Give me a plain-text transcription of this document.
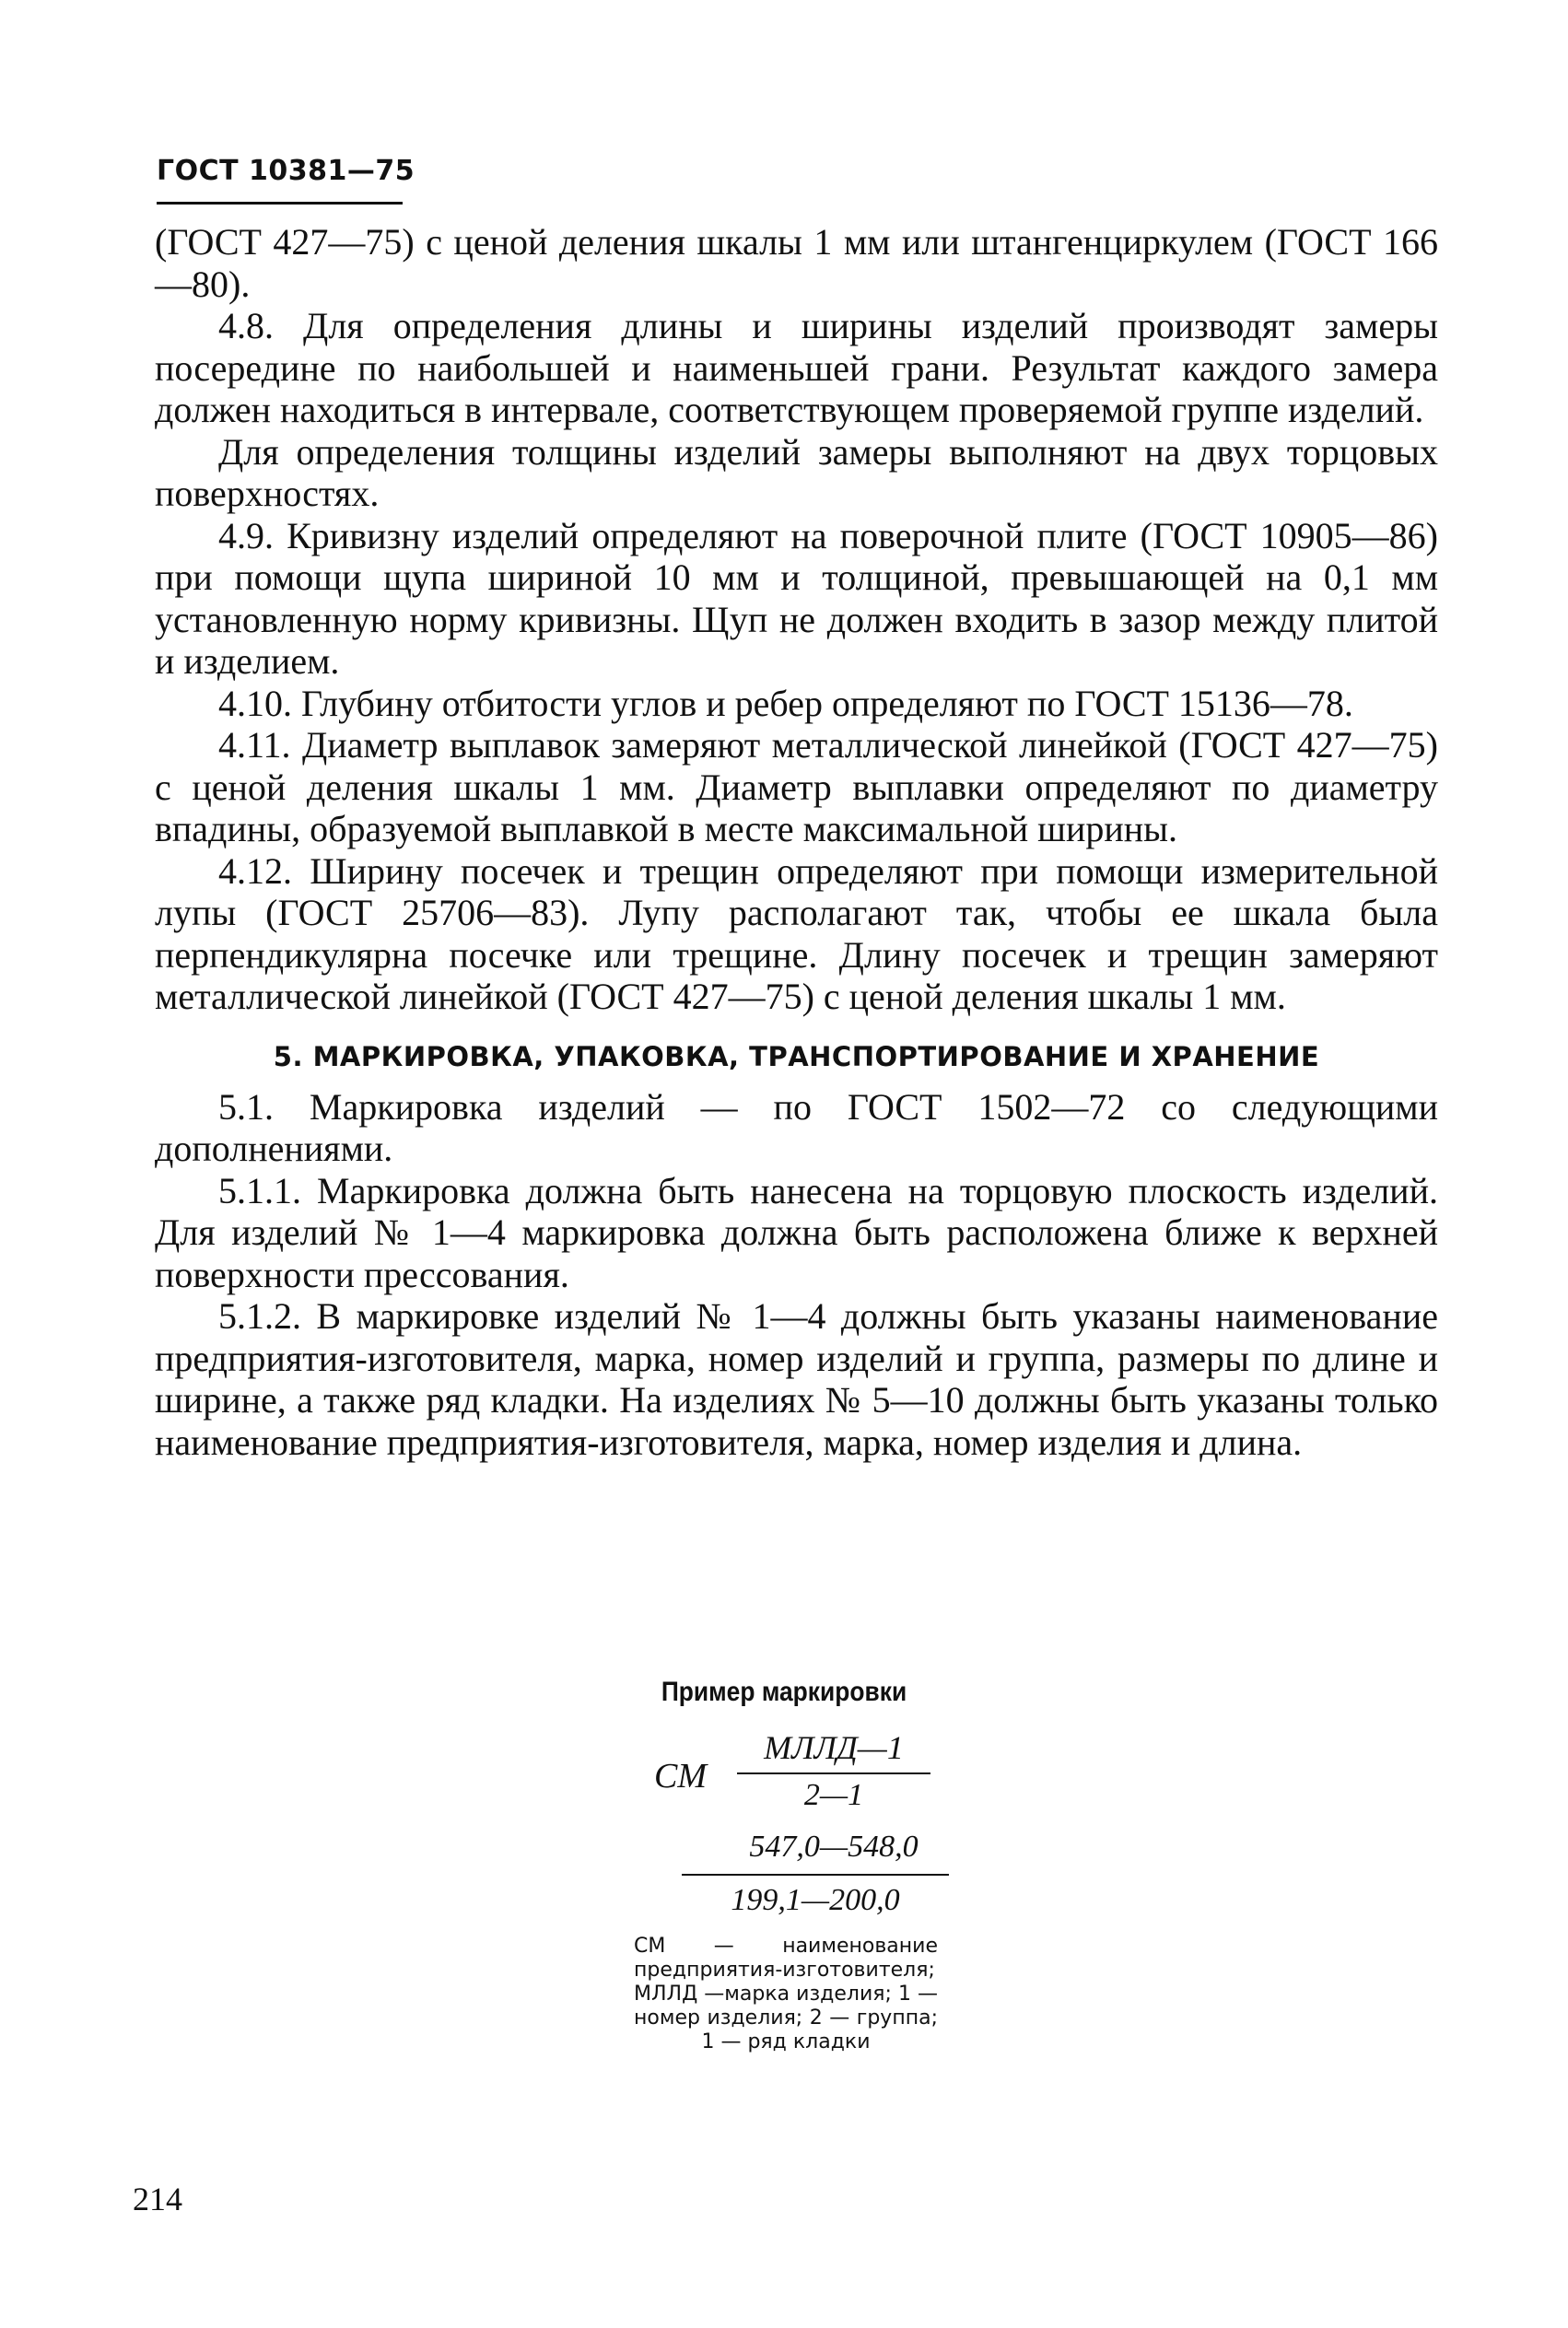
ГОСТ 10381—75

(ГОСТ 427—75) с ценой деления шкалы 1 мм или штангенциркулем (ГОСТ 166—80).

4.8. Для определения длины и ширины изделий производят замеры посередине по наибольшей и наименьшей грани. Результат каждого замера должен находиться в интервале, соответствующем проверяемой группе изделий.

Для определения толщины изделий замеры выполняют на двух торцовых поверхностях.

4.9. Кривизну изделий определяют на поверочной плите (ГОСТ 10905—86) при помощи щупа шириной 10 мм и толщиной, превышающей на 0,1 мм установленную норму кривизны. Щуп не должен входить в зазор между плитой и изделием.

4.10. Глубину отбитости углов и ребер определяют по ГОСТ 15136—78.

4.11. Диаметр выплавок замеряют металлической линейкой (ГОСТ 427—75) с ценой деления шкалы 1 мм. Диаметр выплавки определяют по диаметру впадины, образуемой выплавкой в месте максимальной ширины.

4.12. Ширину посечек и трещин определяют при помощи измерительной лупы (ГОСТ 25706—83). Лупу располагают так, чтобы ее шкала была перпендикулярна посечке или трещине. Длину посечек и трещин замеряют металлической линейкой (ГОСТ 427—75) с ценой деления шкалы 1 мм.

5. МАРКИРОВКА, УПАКОВКА, ТРАНСПОРТИРОВАНИЕ И ХРАНЕНИЕ

5.1. Маркировка изделий — по ГОСТ 1502—72 со следующими дополнениями.

5.1.1. Маркировка должна быть нанесена на торцовую плоскость изделий. Для изделий № 1—4 маркировка должна быть расположена ближе к верхней поверхности прессования.

5.1.2. В маркировке изделий № 1—4 должны быть указаны наименование предприятия-изготовителя, марка, номер изделий и группа, размеры по длине и ширине, а также ряд кладки. На изделиях № 5—10 должны быть указаны только наименование предприятия-изготовителя, марка, номер изделия и длина.

Пример маркировки
СМ
МЛЛД—1
2—1
547,0—548,0
199,1—200,0
СМ — наименование предприятия-изготовителя; МЛЛД —марка изделия; 1 — номер изделия; 2 — группа; 1 — ряд кладки
214
